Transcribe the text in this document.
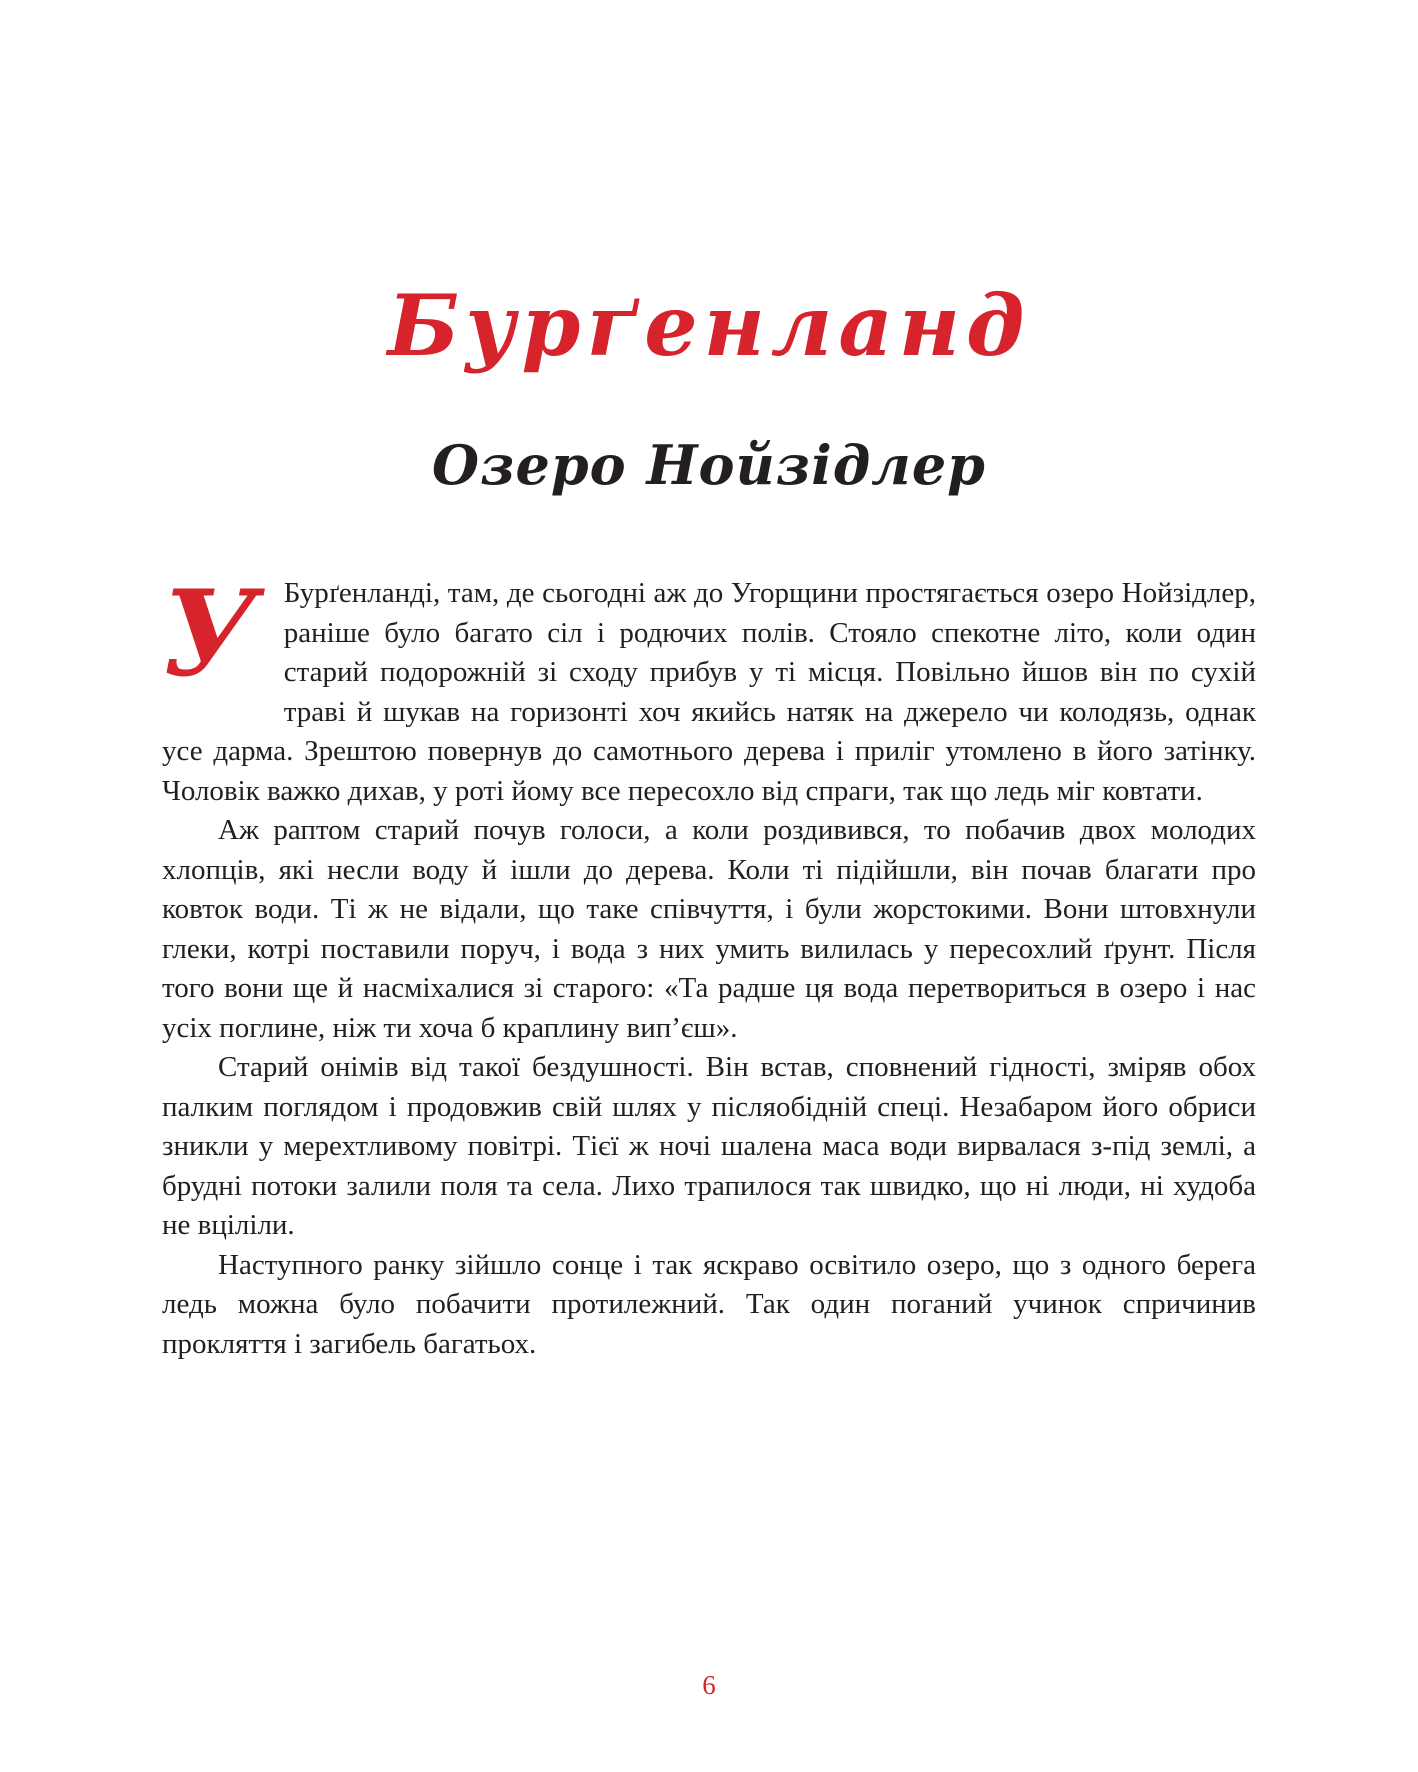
Бурґенланд
Озеро Нойзідлер

У Бурґенланді, там, де сьогодні аж до Угорщини простягається озеро Нойзідлер, раніше було багато сіл і родючих полів. Стояло спекотне літо, коли один старий подорожній зі сходу прибув у ті місця. Повільно йшов він по сухій траві й шукав на горизонті хоч якийсь натяк на джерело чи колодязь, однак усе дарма. Зрештою повернув до самотнього дерева і приліг утомлено в його затінку. Чоловік важко дихав, у роті йому все пересохло від спраги, так що ледь міг ковтати.

Аж раптом старий почув голоси, а коли роздивився, то побачив двох молодих хлопців, які несли воду й ішли до дерева. Коли ті підійшли, він почав благати про ковток води. Ті ж не відали, що таке співчуття, і були жорстокими. Вони штовхнули глеки, котрі поставили поруч, і вода з них умить вилилась у пересохлий ґрунт. Після того вони ще й насміхалися зі старого: «Та радше ця вода перетвориться в озеро і нас усіх поглине, ніж ти хоча б краплину вип’єш».

Старий онімів від такої бездушності. Він встав, сповнений гідності, зміряв обох палким поглядом і продовжив свій шлях у післяобідній спеці. Незабаром його обриси зникли у мерехтливому повітрі. Тієї ж ночі шалена маса води вирвалася з-під землі, а брудні потоки залили поля та села. Лихо трапилося так швидко, що ні люди, ні худоба не вціліли.

Наступного ранку зійшло сонце і так яскраво освітило озеро, що з одного берега ледь можна було побачити протилежний. Так один поганий учинок спричинив прокляття і загибель багатьох.

6
